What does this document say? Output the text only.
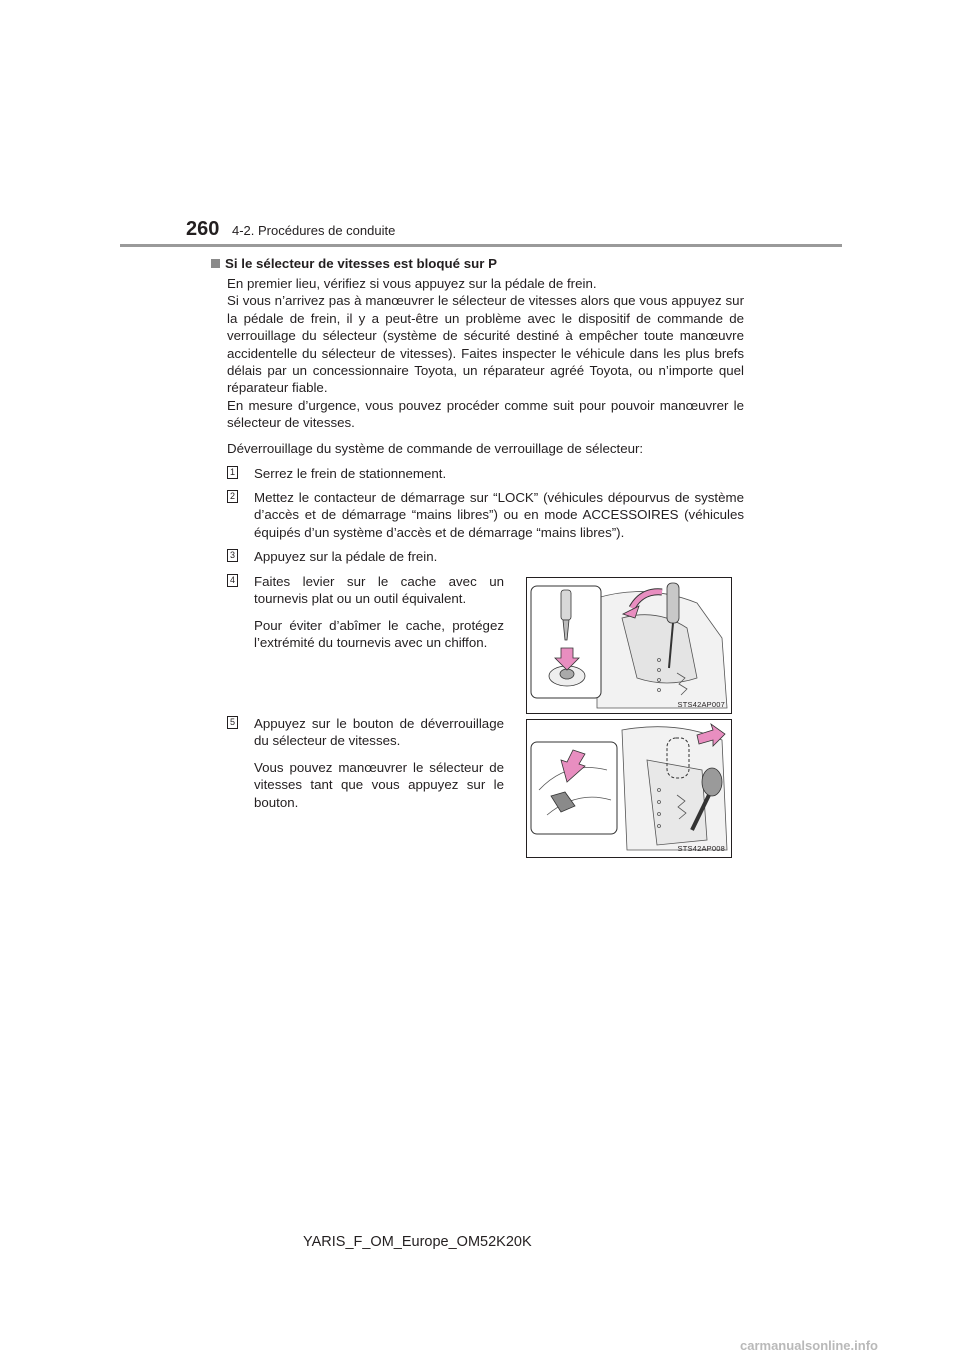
260 4-2. Procédures de conduite
Si le sélecteur de vitesses est bloqué sur P

En premier lieu, vérifiez si vous appuyez sur la pédale de frein.

Si vous n’arrivez pas à manœuvrer le sélecteur de vitesses alors que vous appuyez sur la pédale de frein, il y a peut-être un problème avec le dispositif de commande de verrouillage du sélecteur (système de sécurité destiné à empêcher toute manœuvre accidentelle du sélecteur de vitesses). Faites inspecter le véhicule dans les plus brefs délais par un concessionnaire Toyota, un réparateur agréé Toyota, ou n’importe quel réparateur fiable.

En mesure d’urgence, vous pouvez procéder comme suit pour pouvoir manœuvrer le sélecteur de vitesses.

Déverrouillage du système de commande de verrouillage de sélecteur:
1 Serrez le frein de stationnement.
2 Mettez le contacteur de démarrage sur “LOCK” (véhicules dépourvus de système d’accès et de démarrage “mains libres”) ou en mode ACCESSOIRES (véhicules équipés d’un système d’accès et de démarrage “mains libres”).
3 Appuyez sur la pédale de frein.
4 Faites levier sur le cache avec un tournevis plat ou un outil équivalent.

Pour éviter d’abîmer le cache, protégez l’extrémité du tournevis avec un chiffon.

STS42AP007
5 Appuyez sur le bouton de déverrouillage du sélecteur de vitesses.

Vous pouvez manœuvrer le sélecteur de vitesses tant que vous appuyez sur le bouton.

STS42AP008
YARIS_F_OM_Europe_OM52K20K
carmanualsonline.info
